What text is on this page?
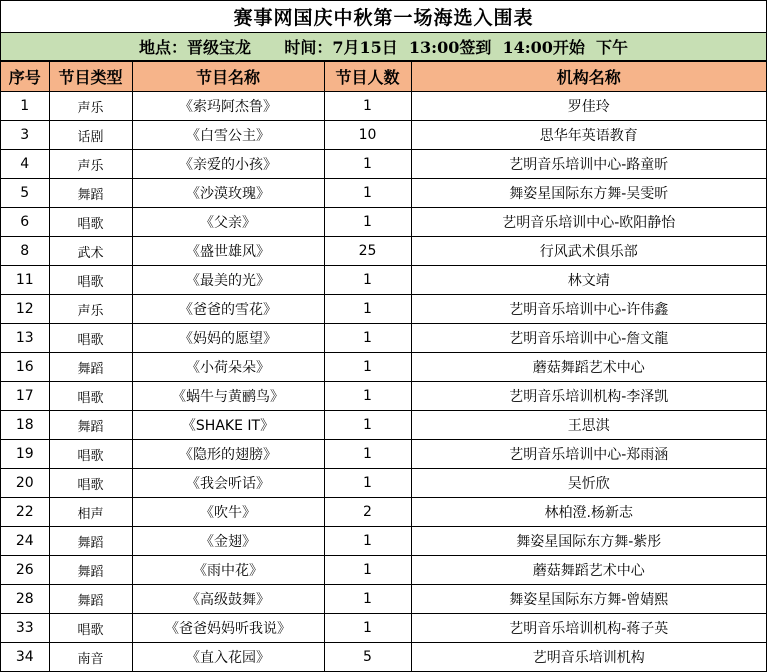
赛事网国庆中秋第一场海选入围表
地点：晋级宝龙      时间：7月15日  13:00签到  14:00开始  下午
序号	节目类型	节目名称	节目人数	机构名称
1	声乐	《索玛阿杰鲁》	1	罗佳玲
3	话剧	《白雪公主》	10	思华年英语教育
4	声乐	《亲爱的小孩》	1	艺明音乐培训中心-路童昕
5	舞蹈	《沙漠玫瑰》	1	舞姿星国际东方舞-吴雯昕
6	唱歌	《父亲》	1	艺明音乐培训中心-欧阳静怡
8	武术	《盛世雄风》	25	行风武术俱乐部
11	唱歌	《最美的光》	1	林文靖
12	声乐	《爸爸的雪花》	1	艺明音乐培训中心-许伟鑫
13	唱歌	《妈妈的愿望》	1	艺明音乐培训中心-詹文龍
16	舞蹈	《小荷朵朵》	1	蘑菇舞蹈艺术中心
17	唱歌	《蜗牛与黄鹂鸟》	1	艺明音乐培训机构-李泽凯
18	舞蹈	《SHAKE IT》	1	王思淇
19	唱歌	《隐形的翅膀》	1	艺明音乐培训中心-郑雨涵
20	唱歌	《我会听话》	1	吴忻欣
22	相声	《吹牛》	2	林柏澄.杨新志
24	舞蹈	《金翅》	1	舞姿星国际东方舞-紫彤
26	舞蹈	《雨中花》	1	蘑菇舞蹈艺术中心
28	舞蹈	《高级鼓舞》	1	舞姿星国际东方舞-曾婧熙
33	唱歌	《爸爸妈妈听我说》	1	艺明音乐培训机构-蒋子英
34	南音	《直入花园》	5	艺明音乐培训机构
